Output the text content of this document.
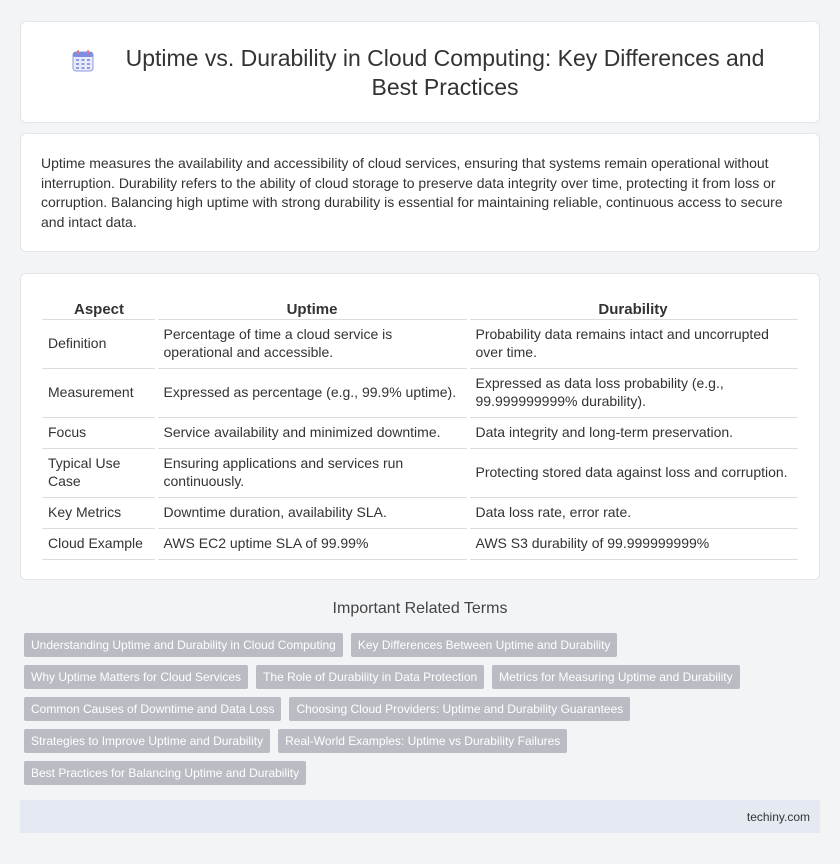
Uptime vs. Durability in Cloud Computing: Key Differences and Best Practices

Uptime measures the availability and accessibility of cloud services, ensuring that systems remain operational without interruption. Durability refers to the ability of cloud storage to preserve data integrity over time, protecting it from loss or corruption. Balancing high uptime with strong durability is essential for maintaining reliable, continuous access to secure and intact data.

Aspect	Uptime	Durability
Definition	Percentage of time a cloud service is operational and accessible.	Probability data remains intact and uncorrupted over time.
Measurement	Expressed as percentage (e.g., 99.9% uptime).	Expressed as data loss probability (e.g., 99.999999999% durability).
Focus	Service availability and minimized downtime.	Data integrity and long-term preservation.
Typical Use Case	Ensuring applications and services run continuously.	Protecting stored data against loss and corruption.
Key Metrics	Downtime duration, availability SLA.	Data loss rate, error rate.
Cloud Example	AWS EC2 uptime SLA of 99.99%	AWS S3 durability of 99.999999999%
Important Related Terms
Understanding Uptime and Durability in Cloud Computing	Key Differences Between Uptime and Durability
Why Uptime Matters for Cloud Services	The Role of Durability in Data Protection	Metrics for Measuring Uptime and Durability
Common Causes of Downtime and Data Loss	Choosing Cloud Providers: Uptime and Durability Guarantees
Strategies to Improve Uptime and Durability	Real-World Examples: Uptime vs Durability Failures
Best Practices for Balancing Uptime and Durability
techiny.com
